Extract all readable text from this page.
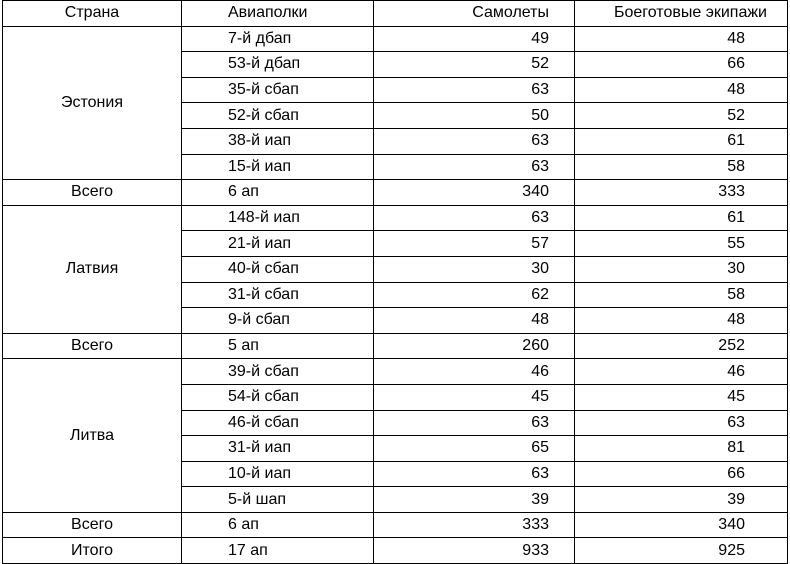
Страна	Авиаполки	Самолеты	Боеготовые экипажи
Эстония	7-й дбап	49	48
	53-й дбап	52	66
	35-й сбап	63	48
	52-й сбап	50	52
	38-й иап	63	61
	15-й иап	63	58
Всего	6 ап	340	333
Латвия	148-й иап	63	61
	21-й иап	57	55
	40-й сбап	30	30
	31-й сбап	62	58
	9-й сбап	48	48
Всего	5 ап	260	252
Литва	39-й сбап	46	46
	54-й сбап	45	45
	46-й сбап	63	63
	31-й иап	65	81
	10-й иап	63	66
	5-й шап	39	39
Всего	6 ап	333	340
Итого	17 ап	933	925
